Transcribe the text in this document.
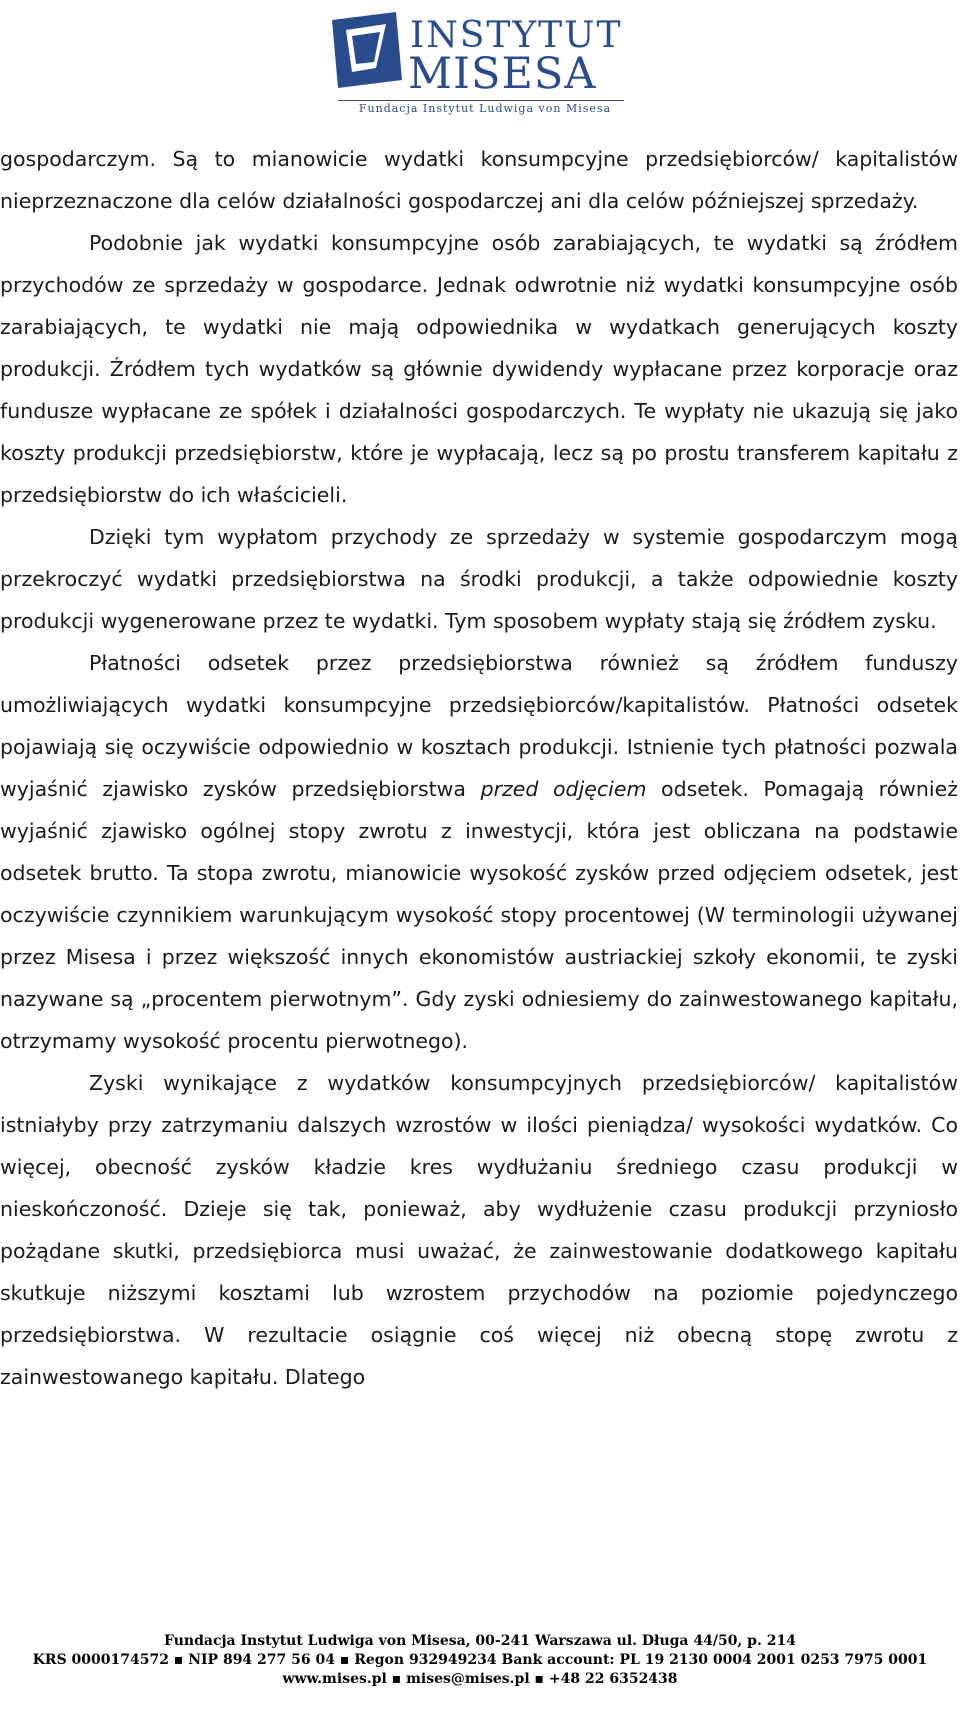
INSTYTUT
MISESA
Fundacja Instytut Ludwiga von Misesa

gospodarczym. Są to mianowicie wydatki konsumpcyjne przedsiębiorców/ kapitalistów nieprzeznaczone dla celów działalności gospodarczej ani dla celów późniejszej sprzedaży.

Podobnie jak wydatki konsumpcyjne osób zarabiających, te wydatki są źródłem przychodów ze sprzedaży w gospodarce. Jednak odwrotnie niż wydatki konsumpcyjne osób zarabiających, te wydatki nie mają odpowiednika w wydatkach generujących koszty produkcji. Źródłem tych wydatków są głównie dywidendy wypłacane przez korporacje oraz fundusze wypłacane ze spółek i działalności gospodarczych. Te wypłaty nie ukazują się jako koszty produkcji przedsiębiorstw, które je wypłacają, lecz są po prostu transferem kapitału z przedsiębiorstw do ich właścicieli.

Dzięki tym wypłatom przychody ze sprzedaży w systemie gospodarczym mogą przekroczyć wydatki przedsiębiorstwa na środki produkcji, a także odpowiednie koszty produkcji wygenerowane przez te wydatki. Tym sposobem wypłaty stają się źródłem zysku.

Płatności odsetek przez przedsiębiorstwa również są źródłem funduszy umożliwiających wydatki konsumpcyjne przedsiębiorców/kapitalistów. Płatności odsetek pojawiają się oczywiście odpowiednio w kosztach produkcji. Istnienie tych płatności pozwala wyjaśnić zjawisko zysków przedsiębiorstwa przed odjęciem odsetek. Pomagają również wyjaśnić zjawisko ogólnej stopy zwrotu z inwestycji, która jest obliczana na podstawie odsetek brutto. Ta stopa zwrotu, mianowicie wysokość zysków przed odjęciem odsetek, jest oczywiście czynnikiem warunkującym wysokość stopy procentowej (W terminologii używanej przez Misesa i przez większość innych ekonomistów austriackiej szkoły ekonomii, te zyski nazywane są „procentem pierwotnym”. Gdy zyski odniesiemy do zainwestowanego kapitału, otrzymamy wysokość procentu pierwotnego).

Zyski wynikające z wydatków konsumpcyjnych przedsiębiorców/ kapitalistów istniałyby przy zatrzymaniu dalszych wzrostów w ilości pieniądza/ wysokości wydatków. Co więcej, obecność zysków kładzie kres wydłużaniu średniego czasu produkcji w nieskończoność. Dzieje się tak, ponieważ, aby wydłużenie czasu produkcji przyniosło pożądane skutki, przedsiębiorca musi uważać, że zainwestowanie dodatkowego kapitału skutkuje niższymi kosztami lub wzrostem przychodów na poziomie pojedynczego przedsiębiorstwa. W rezultacie osiągnie coś więcej niż obecną stopę zwrotu z zainwestowanego kapitału. Dlatego

Fundacja Instytut Ludwiga von Misesa, 00-241 Warszawa ul. Długa 44/50, p. 214
KRS 0000174572 ▪ NIP 894 277 56 04 ▪ Regon 932949234 Bank account: PL 19 2130 0004 2001 0253 7975 0001
www.mises.pl ▪ mises@mises.pl ▪ +48 22 6352438
